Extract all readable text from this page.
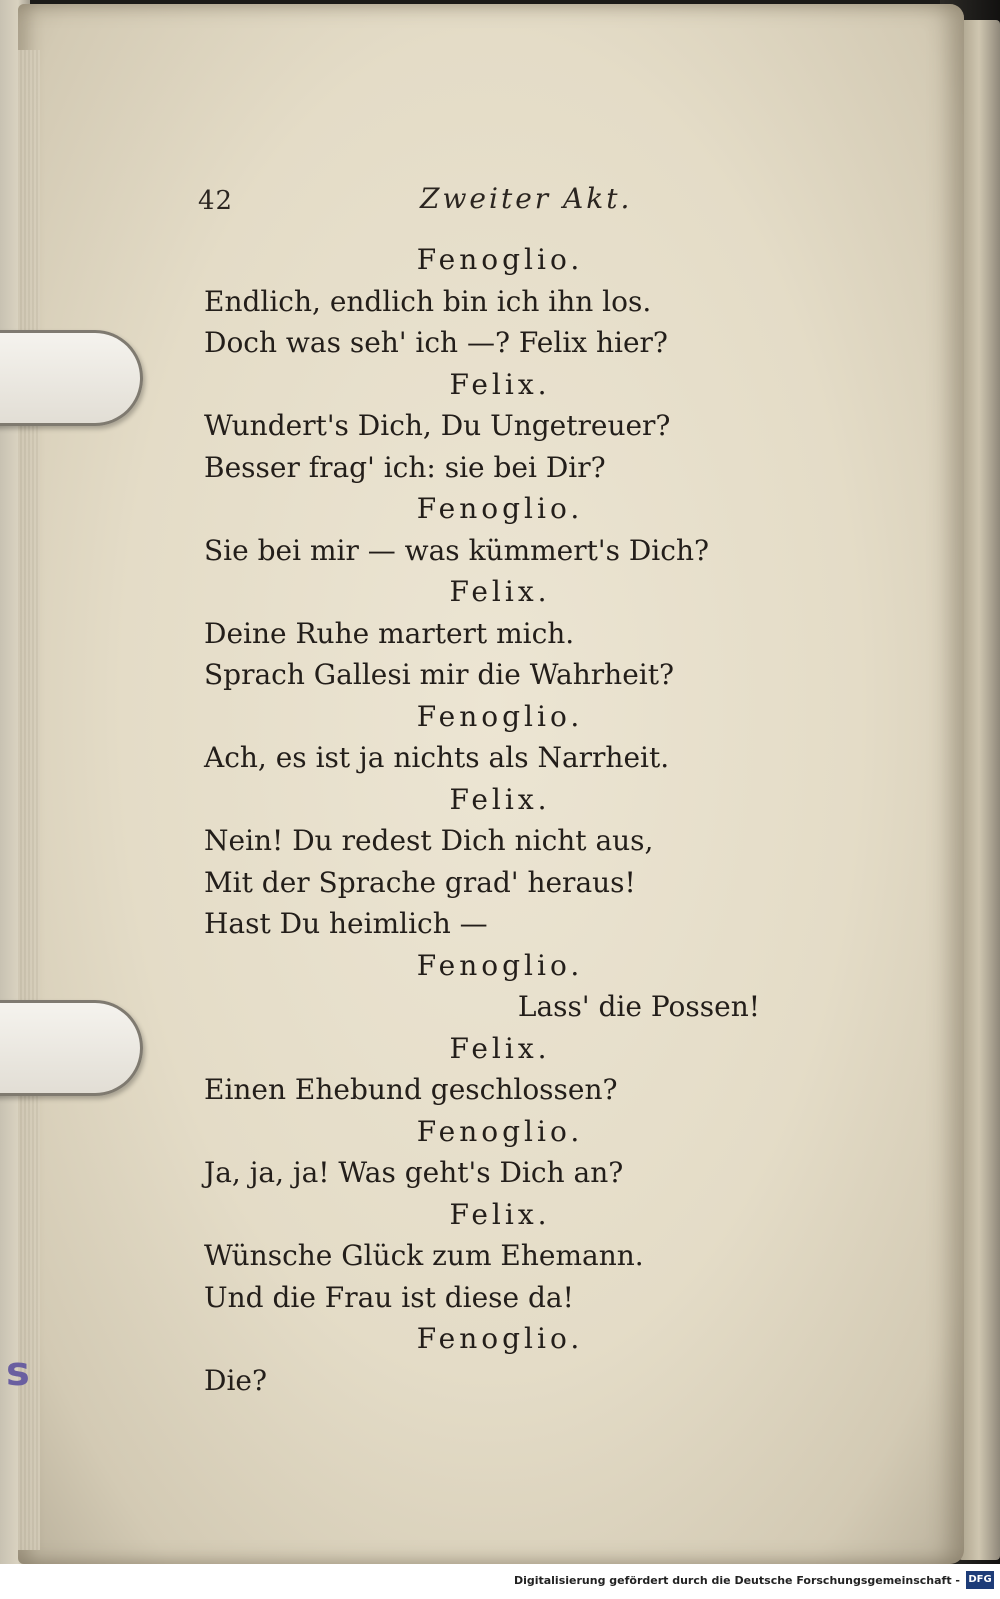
s
42	Zweiter Akt.
Fenoglio.
Endlich, endlich bin ich ihn los.
Doch was seh' ich —? Felix hier?
Felix.
Wundert's Dich, Du Ungetreuer?
Besser frag' ich: sie bei Dir?
Fenoglio.
Sie bei mir — was kümmert's Dich?
Felix.
Deine Ruhe martert mich.
Sprach Gallesi mir die Wahrheit?
Fenoglio.
Ach, es ist ja nichts als Narrheit.
Felix.
Nein! Du redest Dich nicht aus,
Mit der Sprache grad' heraus!
Hast Du heimlich —
Fenoglio.
Lass' die Possen!
Felix.
Einen Ehebund geschlossen?
Fenoglio.
Ja, ja, ja! Was geht's Dich an?
Felix.
Wünsche Glück zum Ehemann.
Und die Frau ist diese da!
Fenoglio.
Die?
Digitalisierung gefördert durch die Deutsche Forschungsgemeinschaft - DFG
